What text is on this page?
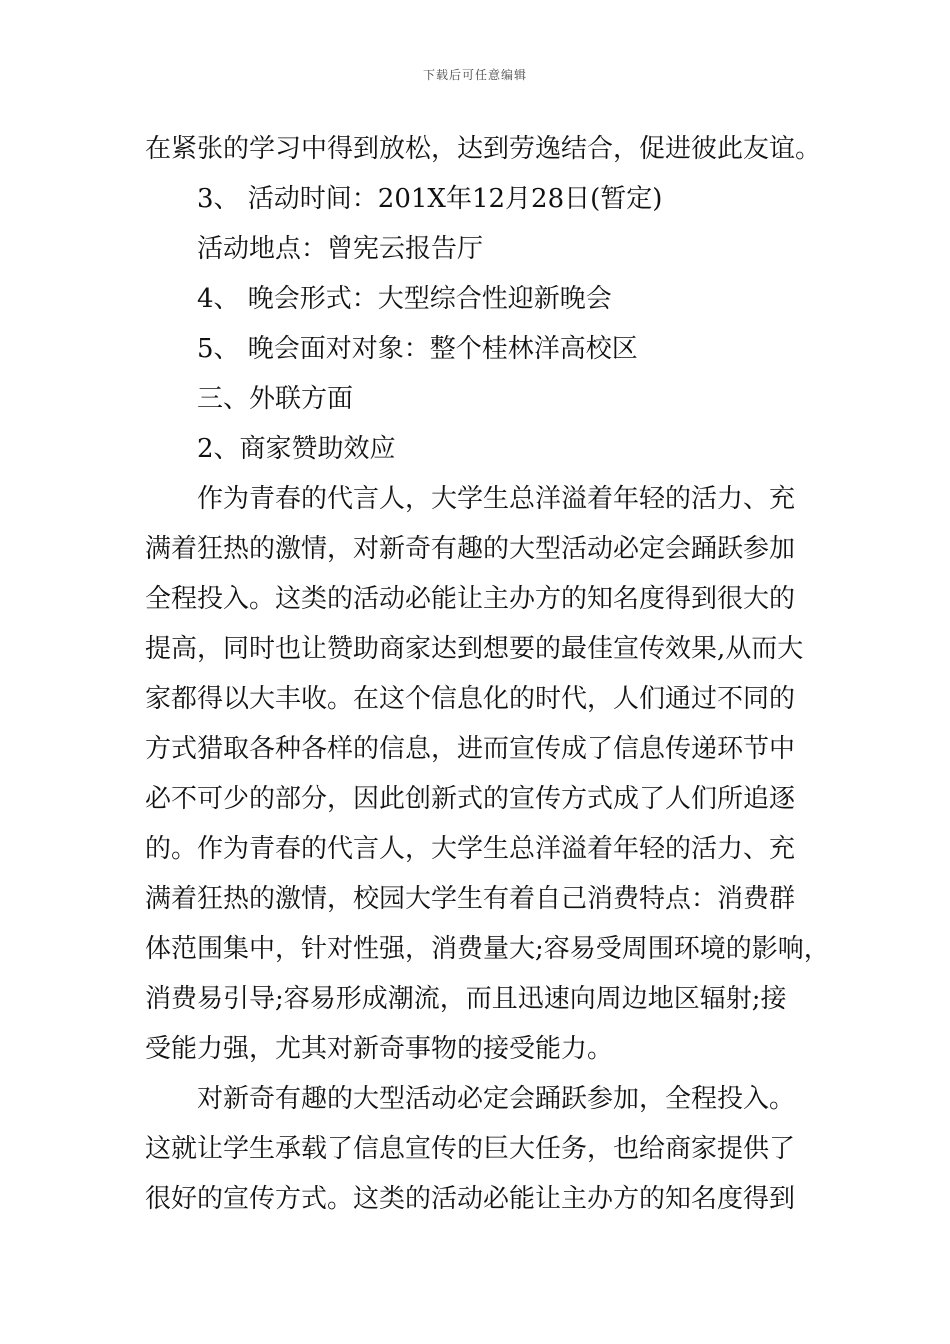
下载后可任意编辑
在紧张的学习中得到放松，达到劳逸结合，促进彼此友谊。
3、 活动时间：201X年12月28日(暂定)
活动地点：曾宪云报告厅
4、 晚会形式：大型综合性迎新晚会
5、 晚会面对对象：整个桂林洋高校区
三、外联方面
2、商家赞助效应
作为青春的代言人，大学生总洋溢着年轻的活力、充
满着狂热的激情，对新奇有趣的大型活动必定会踊跃参加
全程投入。这类的活动必能让主办方的知名度得到很大的
提高，同时也让赞助商家达到想要的最佳宣传效果,从而大
家都得以大丰收。在这个信息化的时代，人们通过不同的
方式猎取各种各样的信息，进而宣传成了信息传递环节中
必不可少的部分，因此创新式的宣传方式成了人们所追逐
的。作为青春的代言人，大学生总洋溢着年轻的活力、充
满着狂热的激情，校园大学生有着自己消费特点：消费群
体范围集中，针对性强，消费量大;容易受周围环境的影响，
消费易引导;容易形成潮流，而且迅速向周边地区辐射;接
受能力强，尤其对新奇事物的接受能力。
对新奇有趣的大型活动必定会踊跃参加，全程投入。
这就让学生承载了信息宣传的巨大任务，也给商家提供了
很好的宣传方式。这类的活动必能让主办方的知名度得到
